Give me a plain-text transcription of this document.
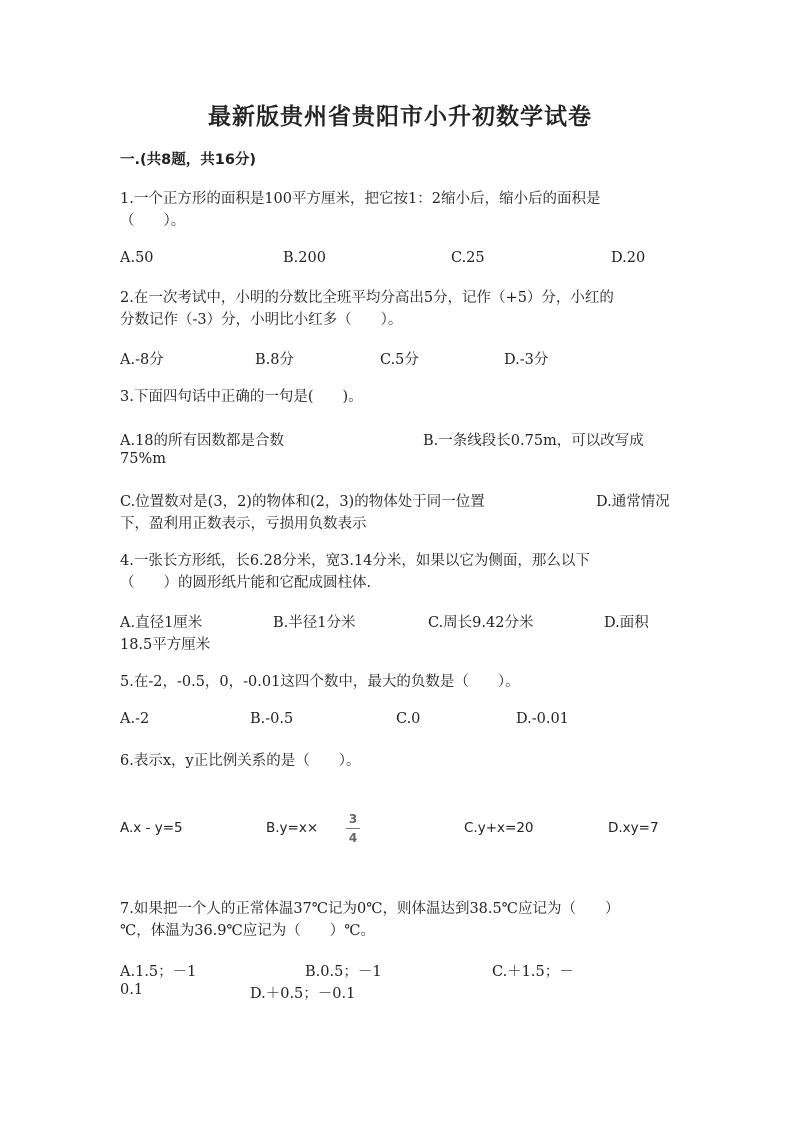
最新版贵州省贵阳市小升初数学试卷
一.(共8题，共16分)
1.一个正方形的面积是100平方厘米，把它按1：2缩小后，缩小后的面积是
（　　）。
A.50	B.200	C.25	D.20
2.在一次考试中，小明的分数比全班平均分高出5分，记作（+5）分，小红的
分数记作（-3）分，小明比小红多（　　）。
A.-8分	B.8分	C.5分	D.-3分
3.下面四句话中正确的一句是(　　)。
A.18的所有因数都是合数	B.一条线段长0.75m，可以改写成
75%m
C.位置数对是(3，2)的物体和(2，3)的物体处于同一位置	D.通常情况
下，盈利用正数表示，亏损用负数表示
4.一张长方形纸，长6.28分米，宽3.14分米，如果以它为侧面，那么以下
（　　）的圆形纸片能和它配成圆柱体.
A.直径1厘米	B.半径1分米	C.周长9.42分米	D.面积
18.5平方厘米
5.在-2，-0.5，0，-0.01这四个数中，最大的负数是（　　）。
A.-2	B.-0.5	C.0	D.-0.01
6.表示x，y正比例关系的是（　　）。
A.x - y=5	B.y=x×
3
4
C.y+x=20	D.xy=7
7.如果把一个人的正常体温37℃记为0℃，则体温达到38.5℃应记为（　　）
℃，体温为36.9℃应记为（　　）℃。
A.1.5；－1	B.0.5；－1	C.＋1.5；－
0.1	D.＋0.5；－0.1
